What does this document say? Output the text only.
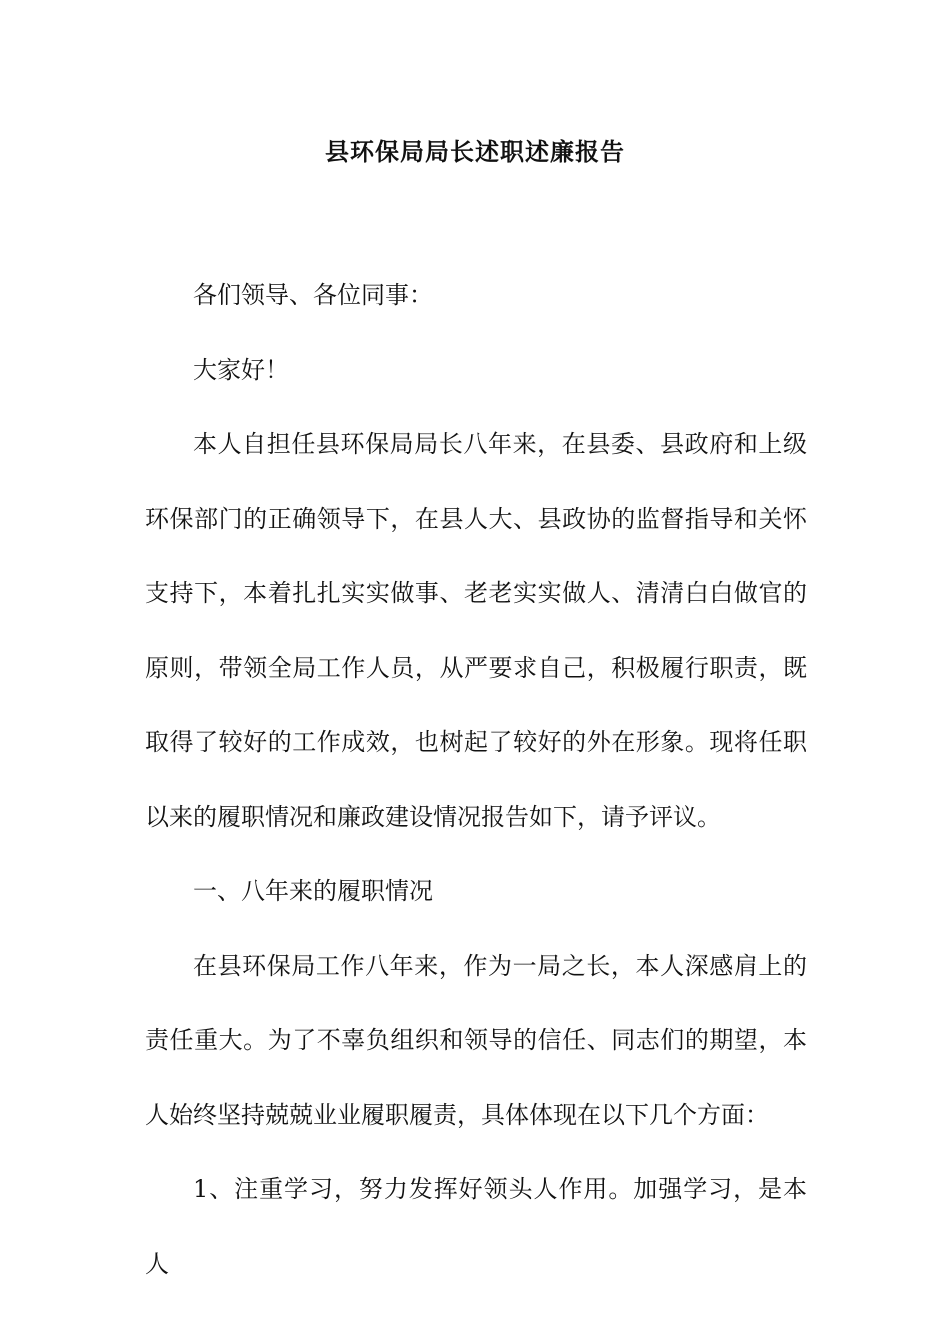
县环保局局长述职述廉报告

各们领导、各位同事：

大家好！

本人自担任县环保局局长八年来，在县委、县政府和上级环保部门的正确领导下，在县人大、县政协的监督指导和关怀支持下，本着扎扎实实做事、老老实实做人、清清白白做官的原则，带领全局工作人员，从严要求自己，积极履行职责，既取得了较好的工作成效，也树起了较好的外在形象。现将任职以来的履职情况和廉政建设情况报告如下，请予评议。

一、八年来的履职情况

在县环保局工作八年来，作为一局之长，本人深感肩上的责任重大。为了不辜负组织和领导的信任、同志们的期望，本人始终坚持兢兢业业履职履责，具体体现在以下几个方面：

1、注重学习，努力发挥好领头人作用。加强学习，是本人
